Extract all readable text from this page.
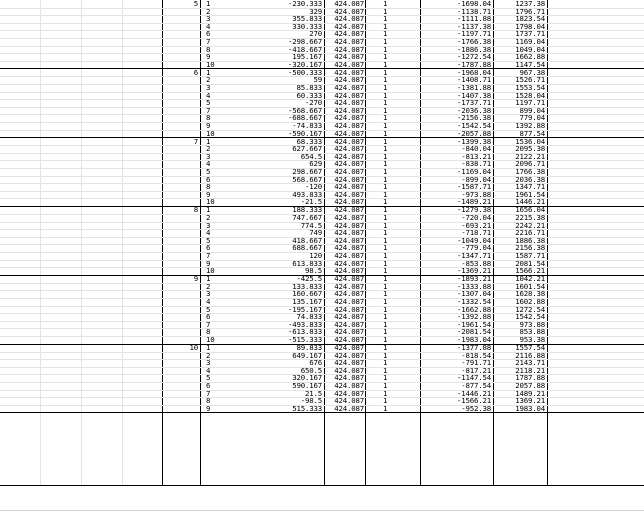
5 1	-230.333	424.087	1	-1698.04	1237.38
2	329	424.087	1	-1138.71	1796.71
3	355.833	424.087	1	-1111.88	1823.54
4	330.333	424.087	1	-1137.38	1798.04
6	270	424.087	1	-1197.71	1737.71
7	-298.667	424.087	1	-1766.38	1169.04
8	-418.667	424.087	1	-1886.38	1049.04
9	195.167	424.087	1	-1272.54	1662.88
10	-320.167	424.087	1	-1787.88	1147.54
6 1	-500.333	424.087	1	-1968.04	967.38
2	59	424.087	1	-1408.71	1526.71
3	85.833	424.087	1	-1381.88	1553.54
4	60.333	424.087	1	-1407.38	1528.04
5	-270	424.087	1	-1737.71	1197.71
7	-568.667	424.087	1	-2036.38	899.04
8	-688.667	424.087	1	-2156.38	779.04
9	-74.833	424.087	1	-1542.54	1392.88
10	-590.167	424.087	1	-2057.88	877.54
7 1	68.333	424.087	1	-1399.38	1536.04
2	627.667	424.087	1	-840.04	2095.38
3	654.5	424.087	1	-813.21	2122.21
4	629	424.087	1	-838.71	2096.71
5	298.667	424.087	1	-1169.04	1766.38
6	568.667	424.087	1	-899.04	2036.38
8	-120	424.087	1	-1587.71	1347.71
9	493.833	424.087	1	-973.88	1961.54
10	-21.5	424.087	1	-1489.21	1446.21
8 1	188.333	424.087	1	-1279.38	1656.04
2	747.667	424.087	1	-720.04	2215.38
3	774.5	424.087	1	-693.21	2242.21
4	749	424.087	1	-718.71	2216.71
5	418.667	424.087	1	-1049.04	1886.38
6	688.667	424.087	1	-779.04	2156.38
7	120	424.087	1	-1347.71	1587.71
9	613.833	424.087	1	-853.88	2081.54
10	98.5	424.087	1	-1369.21	1566.21
9 1	-425.5	424.087	1	-1893.21	1042.21
2	133.833	424.087	1	-1333.88	1601.54
3	160.667	424.087	1	-1307.04	1628.38
4	135.167	424.087	1	-1332.54	1602.88
5	-195.167	424.087	1	-1662.88	1272.54
6	74.833	424.087	1	-1392.88	1542.54
7	-493.833	424.087	1	-1961.54	973.88
8	-613.833	424.087	1	-2081.54	853.88
10	-515.333	424.087	1	-1983.04	953.38
10 1	89.833	424.087	1	-1377.88	1557.54
2	649.167	424.087	1	-818.54	2116.88
3	676	424.087	1	-791.71	2143.71
4	650.5	424.087	1	-817.21	2118.21
5	320.167	424.087	1	-1147.54	1787.88
6	590.167	424.087	1	-877.54	2057.88
7	21.5	424.087	1	-1446.21	1489.21
8	-98.5	424.087	1	-1566.21	1369.21
9	515.333	424.087	1	-952.38	1983.04
